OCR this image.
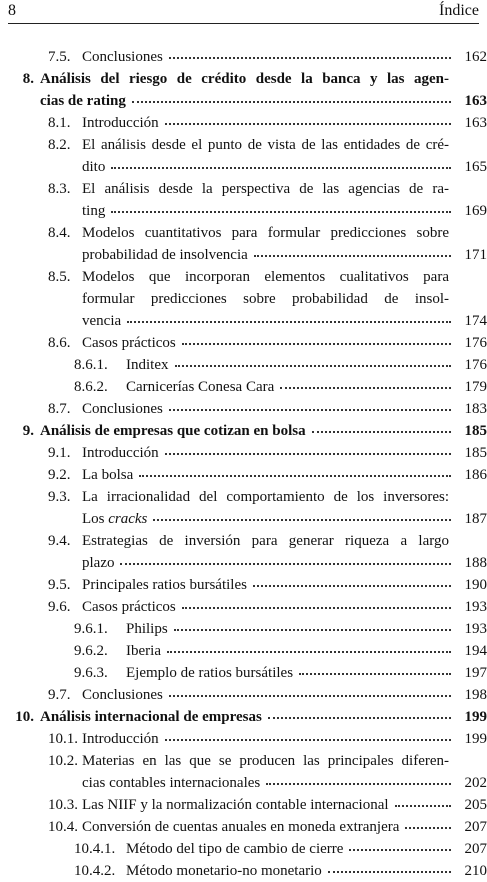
8	Índice
7.5. Conclusiones	162
8. Análisis del riesgo de crédito desde la banca y las agen-
cias de rating	163
8.1. Introducción	163
8.2. El análisis desde el punto de vista de las entidades de cré-
dito	165
8.3. El análisis desde la perspectiva de las agencias de ra-
ting	169
8.4. Modelos cuantitativos para formular predicciones sobre
probabilidad de insolvencia	171
8.5. Modelos que incorporan elementos cualitativos para
formular predicciones sobre probabilidad de insol-
vencia	174
8.6. Casos prácticos	176
8.6.1.	Inditex	176
8.6.2.	Carnicerías Conesa Cara	179
8.7. Conclusiones	183
9. Análisis de empresas que cotizan en bolsa	185
9.1. Introducción	185
9.2. La bolsa	186
9.3. La irracionalidad del comportamiento de los inversores:
Los cracks	187
9.4. Estrategias de inversión para generar riqueza a largo
plazo	188
9.5. Principales ratios bursátiles	190
9.6. Casos prácticos	193
9.6.1.	Philips	193
9.6.2.	Iberia	194
9.6.3.	Ejemplo de ratios bursátiles	197
9.7. Conclusiones	198
10. Análisis internacional de empresas	199
10.1. Introducción	199
10.2. Materias en las que se producen las principales diferen-
cias contables internacionales	202
10.3. Las NIIF y la normalización contable internacional	205
10.4. Conversión de cuentas anuales en moneda extranjera	207
10.4.1. Método del tipo de cambio de cierre	207
10.4.2. Método monetario-no monetario	210
